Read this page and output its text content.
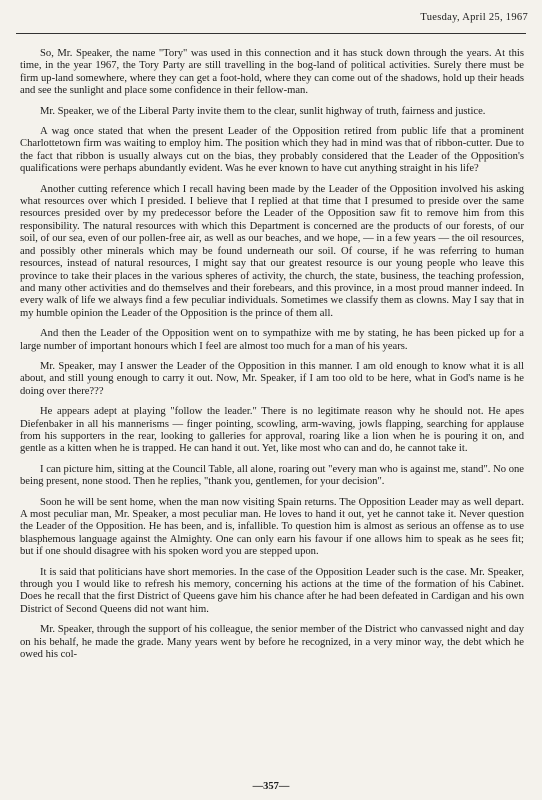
Tuesday, April 25, 1967

So, Mr. Speaker, the name "Tory" was used in this connection and it has stuck down through the years. At this time, in the year 1967, the Tory Party are still travelling in the bog-land of political activities. Surely there must be firm up-land somewhere, where they can get a foot-hold, where they can come out of the shadows, hold up their heads and see the sunlight and place some confidence in their fellow-man.

Mr. Speaker, we of the Liberal Party invite them to the clear, sunlit highway of truth, fairness and justice.

A wag once stated that when the present Leader of the Opposition retired from public life that a prominent Charlottetown firm was waiting to employ him. The position which they had in mind was that of ribbon-cutter. Due to the fact that ribbon is usually always cut on the bias, they probably considered that the Leader of the Opposition's qualifications were perhaps abundantly evident. Was he ever known to have cut anything straight in his life?

Another cutting reference which I recall having been made by the Leader of the Opposition involved his asking what resources over which I presided. I believe that I replied at that time that I presumed to preside over the same resources presided over by my predecessor before the Leader of the Opposition saw fit to remove him from this responsibility. The natural resources with which this Department is concerned are the products of our forests, of our soil, of our sea, even of our pollen-free air, as well as our beaches, and we hope, — in a few years — the oil resources, and possibly other minerals which may be found underneath our soil. Of course, if he was referring to human resources, instead of natural resources, I might say that our greatest resource is our young people who leave this province to take their places in the various spheres of activity, the church, the state, business, the teaching profession, and many other activities and do themselves and their forebears, and this province, in a most proud manner indeed. In every walk of life we always find a few peculiar individuals. Sometimes we classify them as clowns. May I say that in my humble opinion the Leader of the Opposition is the prince of them all.

And then the Leader of the Opposition went on to sympathize with me by stating, he has been picked up for a large number of important honours which I feel are almost too much for a man of his years.

Mr. Speaker, may I answer the Leader of the Opposition in this manner. I am old enough to know what it is all about, and still young enough to carry it out. Now, Mr. Speaker, if I am too old to be here, what in God's name is he doing over there???

He appears adept at playing "follow the leader." There is no legitimate reason why he should not. He apes Diefenbaker in all his mannerisms — finger pointing, scowling, arm-waving, jowls flapping, searching for applause from his supporters in the rear, looking to galleries for approval, roaring like a lion when he is pouring it on, and gentle as a kitten when he is trapped. He can hand it out. Yet, like most who can and do, he cannot take it.

I can picture him, sitting at the Council Table, all alone, roaring out "every man who is against me, stand". No one being present, none stood. Then he replies, "thank you, gentlemen, for your decision".

Soon he will be sent home, when the man now visiting Spain returns. The Opposition Leader may as well depart. A most peculiar man, Mr. Speaker, a most peculiar man. He loves to hand it out, yet he cannot take it. Never question the Leader of the Opposition. He has been, and is, infallible. To question him is almost as serious an offense as to use blasphemous language against the Almighty. One can only earn his favour if one allows him to speak as he sees fit; but if one should disagree with his spoken word you are stepped upon.

It is said that politicians have short memories. In the case of the Opposition Leader such is the case. Mr. Speaker, through you I would like to refresh his memory, concerning his actions at the time of the formation of his Cabinet. Does he recall that the first District of Queens gave him his chance after he had been defeated in Cardigan and his own District of Second Queens did not want him.

Mr. Speaker, through the support of his colleague, the senior member of the District who canvassed night and day on his behalf, he made the grade. Many years went by before he recognized, in a very minor way, the debt which he owed his col-

—357—
